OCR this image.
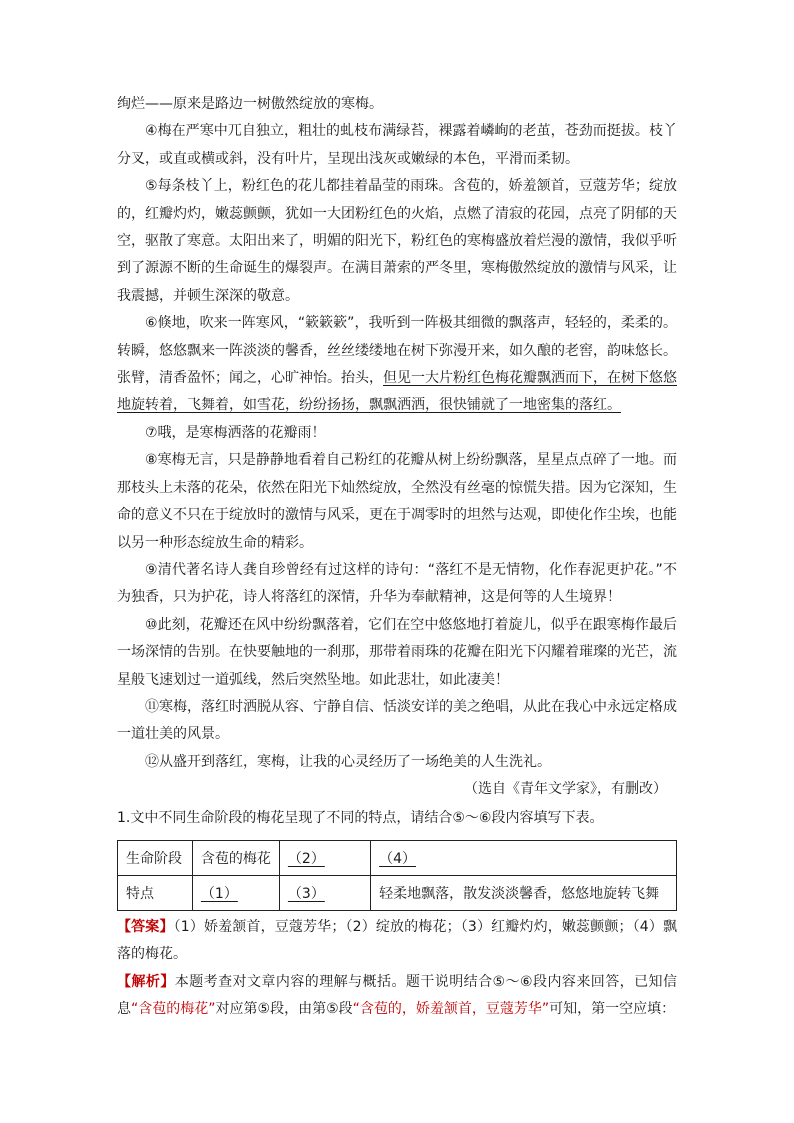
绚烂——原来是路边一树傲然绽放的寒梅。

④梅在严寒中兀自独立，粗壮的虬枝布满绿苔，裸露着嶙峋的老茧，苍劲而挺拔。枝丫分叉，或直或横或斜，没有叶片，呈现出浅灰或嫩绿的本色，平滑而柔韧。

⑤每条枝丫上，粉红色的花儿都挂着晶莹的雨珠。含苞的，娇羞颔首，豆蔻芳华；绽放的，红瓣灼灼，嫩蕊颤颤，犹如一大团粉红色的火焰，点燃了清寂的花园，点亮了阴郁的天空，驱散了寒意。太阳出来了，明媚的阳光下，粉红色的寒梅盛放着烂漫的激情，我似乎听到了源源不断的生命诞生的爆裂声。在满目萧索的严冬里，寒梅傲然绽放的激情与风采，让我震撼，并顿生深深的敬意。

⑥倏地，吹来一阵寒风，“簌簌簌”，我听到一阵极其细微的飘落声，轻轻的，柔柔的。转瞬，悠悠飘来一阵淡淡的馨香，丝丝缕缕地在树下弥漫开来，如久酿的老窖，韵味悠长。张臂，清香盈怀；闻之，心旷神怡。抬头，但见一大片粉红色梅花瓣飘洒而下，在树下悠悠地旋转着，飞舞着，如雪花，纷纷扬扬，飘飘洒洒，很快铺就了一地密集的落红。

⑦哦，是寒梅洒落的花瓣雨！

⑧寒梅无言，只是静静地看着自己粉红的花瓣从树上纷纷飘落，星星点点碎了一地。而那枝头上未落的花朵，依然在阳光下灿然绽放，全然没有丝毫的惊慌失措。因为它深知，生命的意义不只在于绽放时的激情与风采，更在于凋零时的坦然与达观，即使化作尘埃，也能以另一种形态绽放生命的精彩。

⑨清代著名诗人龚自珍曾经有过这样的诗句：“落红不是无情物，化作春泥更护花。”不为独香，只为护花，诗人将落红的深情，升华为奉献精神，这是何等的人生境界！

⑩此刻，花瓣还在风中纷纷飘落着，它们在空中悠悠地打着旋儿，似乎在跟寒梅作最后一场深情的告别。在快要触地的一刹那，那带着雨珠的花瓣在阳光下闪耀着璀璨的光芒，流星般飞速划过一道弧线，然后突然坠地。如此悲壮，如此凄美！

⑪寒梅，落红时洒脱从容、宁静自信、恬淡安详的美之绝唱，从此在我心中永远定格成一道壮美的风景。

⑫从盛开到落红，寒梅，让我的心灵经历了一场绝美的人生洗礼。

（选自《青年文学家》，有删改）

1.文中不同生命阶段的梅花呈现了不同的特点，请结合⑤～⑥段内容填写下表。

生命阶段	含苞的梅花	（2）	（4）
特点	（1）	（3）	轻柔地飘落，散发淡淡馨香，悠悠地旋转飞舞

【答案】（1）娇羞颔首，豆蔻芳华；（2）绽放的梅花；（3）红瓣灼灼，嫩蕊颤颤；（4）飘落的梅花。

【解析】本题考查对文章内容的理解与概括。题干说明结合⑤～⑥段内容来回答，已知信息“含苞的梅花”对应第⑤段，由第⑤段“含苞的，娇羞颔首，豆蔻芳华”可知，第一空应填：
